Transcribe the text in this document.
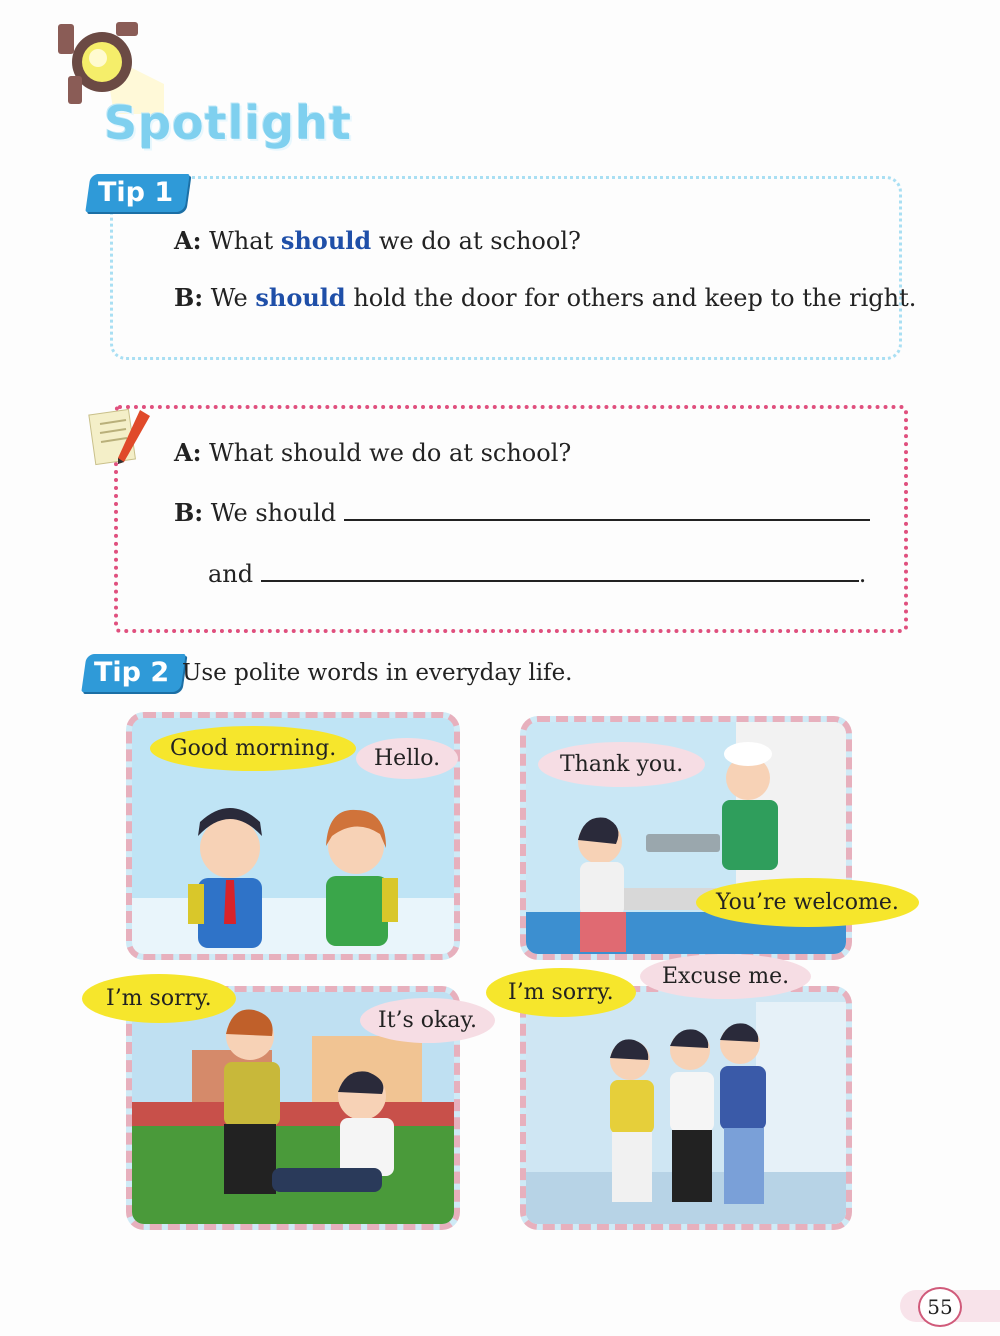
Spotlight
Tip 1
A: What should we do at school?
B: We should hold the door for others and keep to the right.
A: What should we do at school?
B: We should
and	.
Tip 2 Use polite words in everyday life.
Good morning.	Hello.	Thank you.
You’re welcome.
I’m sorry.
It’s okay.
I’m sorry.
Excuse me.
55
